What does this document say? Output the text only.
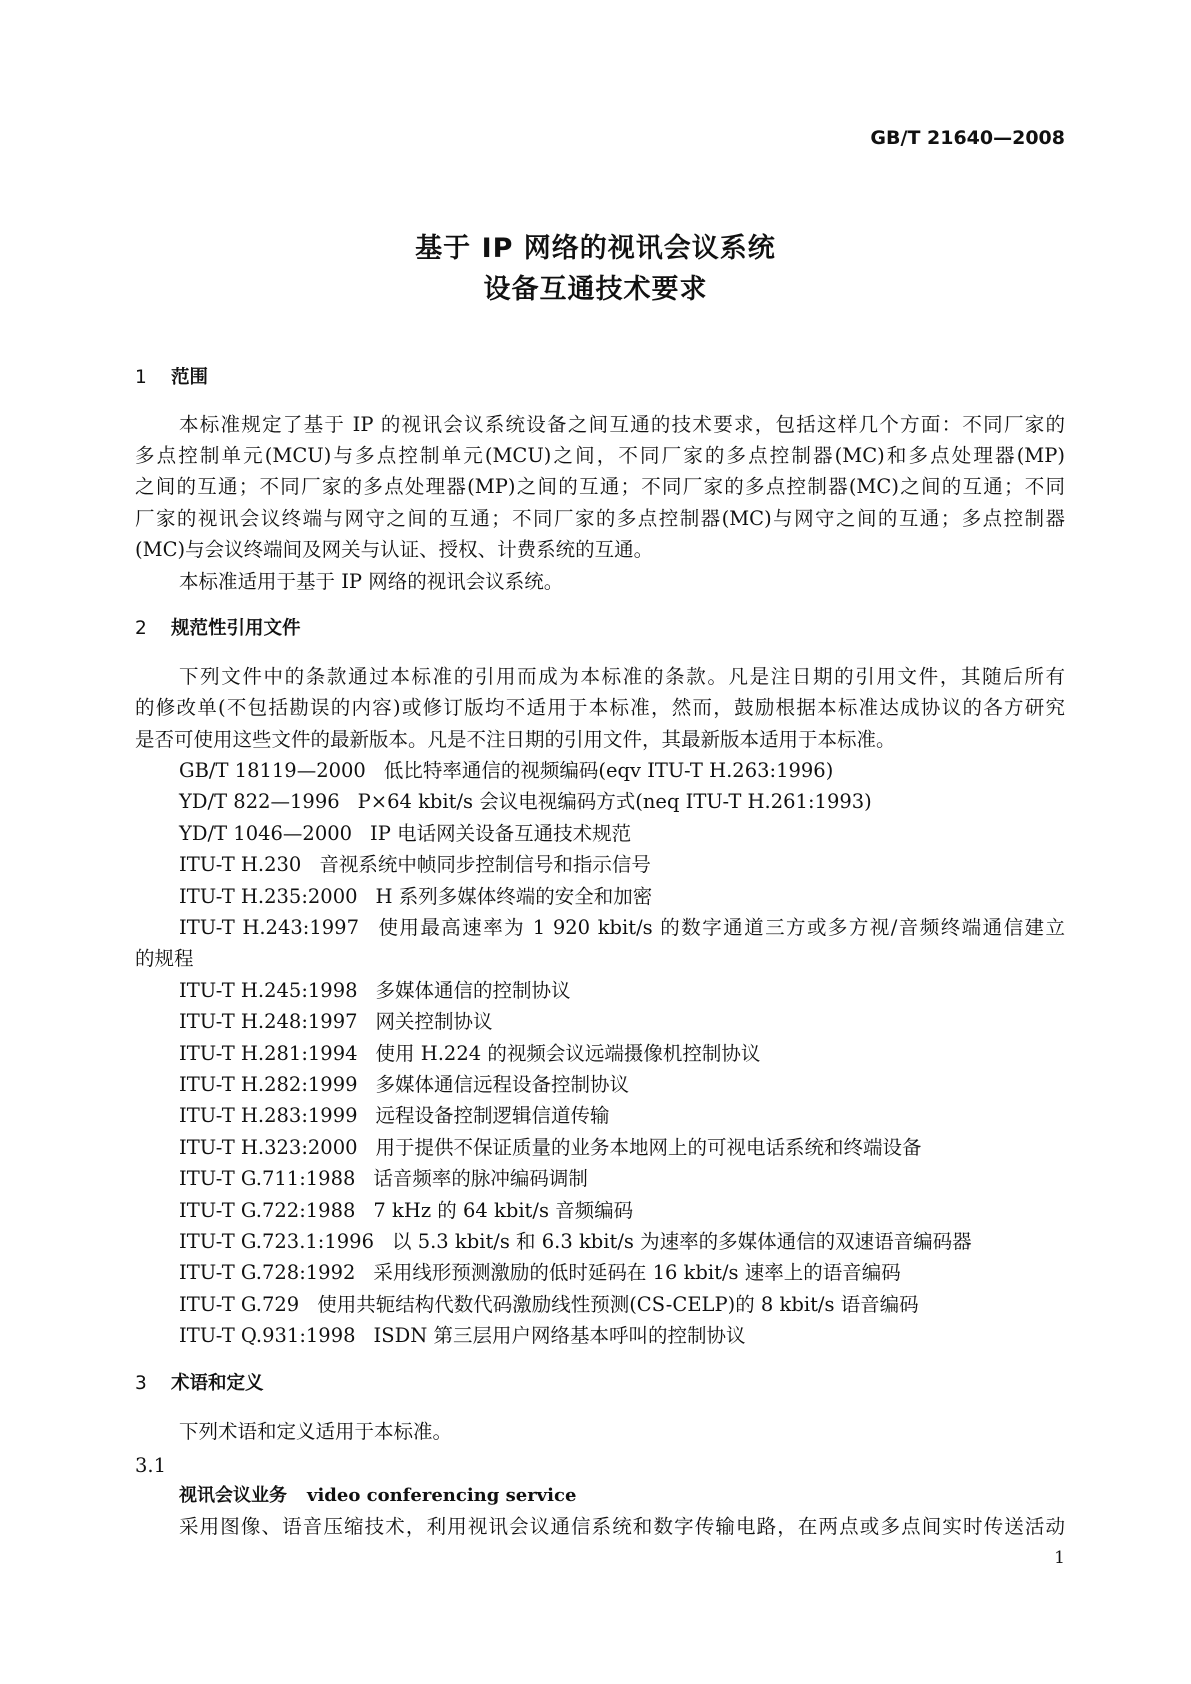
GB/T 21640—2008
基于 IP 网络的视讯会议系统
设备互通技术要求
1 范围
本标准规定了基于 IP 的视讯会议系统设备之间互通的技术要求，包括这样几个方面：不同厂家的
多点控制单元(MCU)与多点控制单元(MCU)之间，不同厂家的多点控制器(MC)和多点处理器(MP)
之间的互通；不同厂家的多点处理器(MP)之间的互通；不同厂家的多点控制器(MC)之间的互通；不同
厂家的视讯会议终端与网守之间的互通；不同厂家的多点控制器(MC)与网守之间的互通；多点控制器
(MC)与会议终端间及网关与认证、授权、计费系统的互通。
本标准适用于基于 IP 网络的视讯会议系统。
2 规范性引用文件
下列文件中的条款通过本标准的引用而成为本标准的条款。凡是注日期的引用文件，其随后所有
的修改单(不包括勘误的内容)或修订版均不适用于本标准，然而，鼓励根据本标准达成协议的各方研究
是否可使用这些文件的最新版本。凡是不注日期的引用文件，其最新版本适用于本标准。
GB/T 18119—2000 低比特率通信的视频编码(eqv ITU-T H.263:1996)
YD/T 822—1996 P×64 kbit/s 会议电视编码方式(neq ITU-T H.261:1993)
YD/T 1046—2000 IP 电话网关设备互通技术规范
ITU-T H.230 音视系统中帧同步控制信号和指示信号
ITU-T H.235:2000 H 系列多媒体终端的安全和加密
ITU-T H.243:1997 使用最高速率为 1 920 kbit/s 的数字通道三方或多方视/音频终端通信建立
的规程
ITU-T H.245:1998 多媒体通信的控制协议
ITU-T H.248:1997 网关控制协议
ITU-T H.281:1994 使用 H.224 的视频会议远端摄像机控制协议
ITU-T H.282:1999 多媒体通信远程设备控制协议
ITU-T H.283:1999 远程设备控制逻辑信道传输
ITU-T H.323:2000 用于提供不保证质量的业务本地网上的可视电话系统和终端设备
ITU-T G.711:1988 话音频率的脉冲编码调制
ITU-T G.722:1988 7 kHz 的 64 kbit/s 音频编码
ITU-T G.723.1:1996 以 5.3 kbit/s 和 6.3 kbit/s 为速率的多媒体通信的双速语音编码器
ITU-T G.728:1992 采用线形预测激励的低时延码在 16 kbit/s 速率上的语音编码
ITU-T G.729 使用共轭结构代数代码激励线性预测(CS-CELP)的 8 kbit/s 语音编码
ITU-T Q.931:1998 ISDN 第三层用户网络基本呼叫的控制协议
3 术语和定义
下列术语和定义适用于本标准。
3.1
视讯会议业务 video conferencing service
采用图像、语音压缩技术，利用视讯会议通信系统和数字传输电路，在两点或多点间实时传送活动
1
